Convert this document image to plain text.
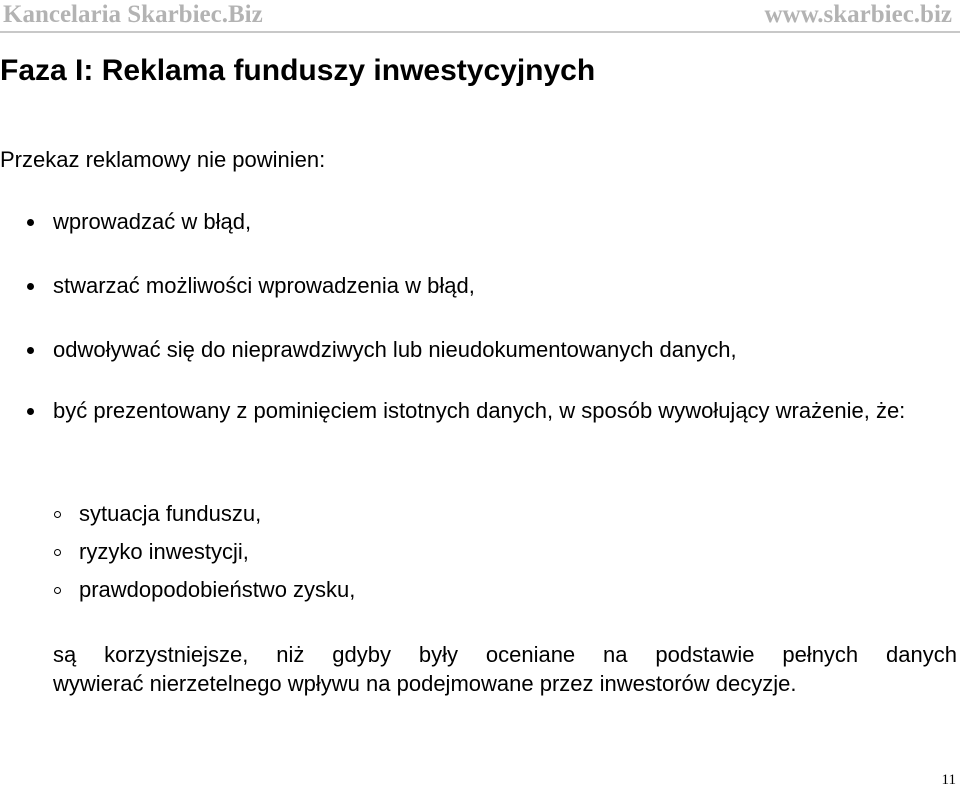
Kancelaria Skarbiec.Biz	www.skarbiec.biz
Faza I: Reklama funduszy inwestycyjnych
Przekaz reklamowy nie powinien:
wprowadzać w błąd,
stwarzać możliwości wprowadzenia w błąd,
odwoływać się do nieprawdziwych lub nieudokumentowanych danych,
być prezentowany z pominięciem istotnych danych, w sposób wywołujący wrażenie, że:
sytuacja funduszu,
ryzyko inwestycji,
prawdopodobieństwo zysku,
są korzystniejsze, niż gdyby były oceniane na podstawie pełnych danych
wywierać nierzetelnego wpływu na podejmowane przez inwestorów decyzje.
11
